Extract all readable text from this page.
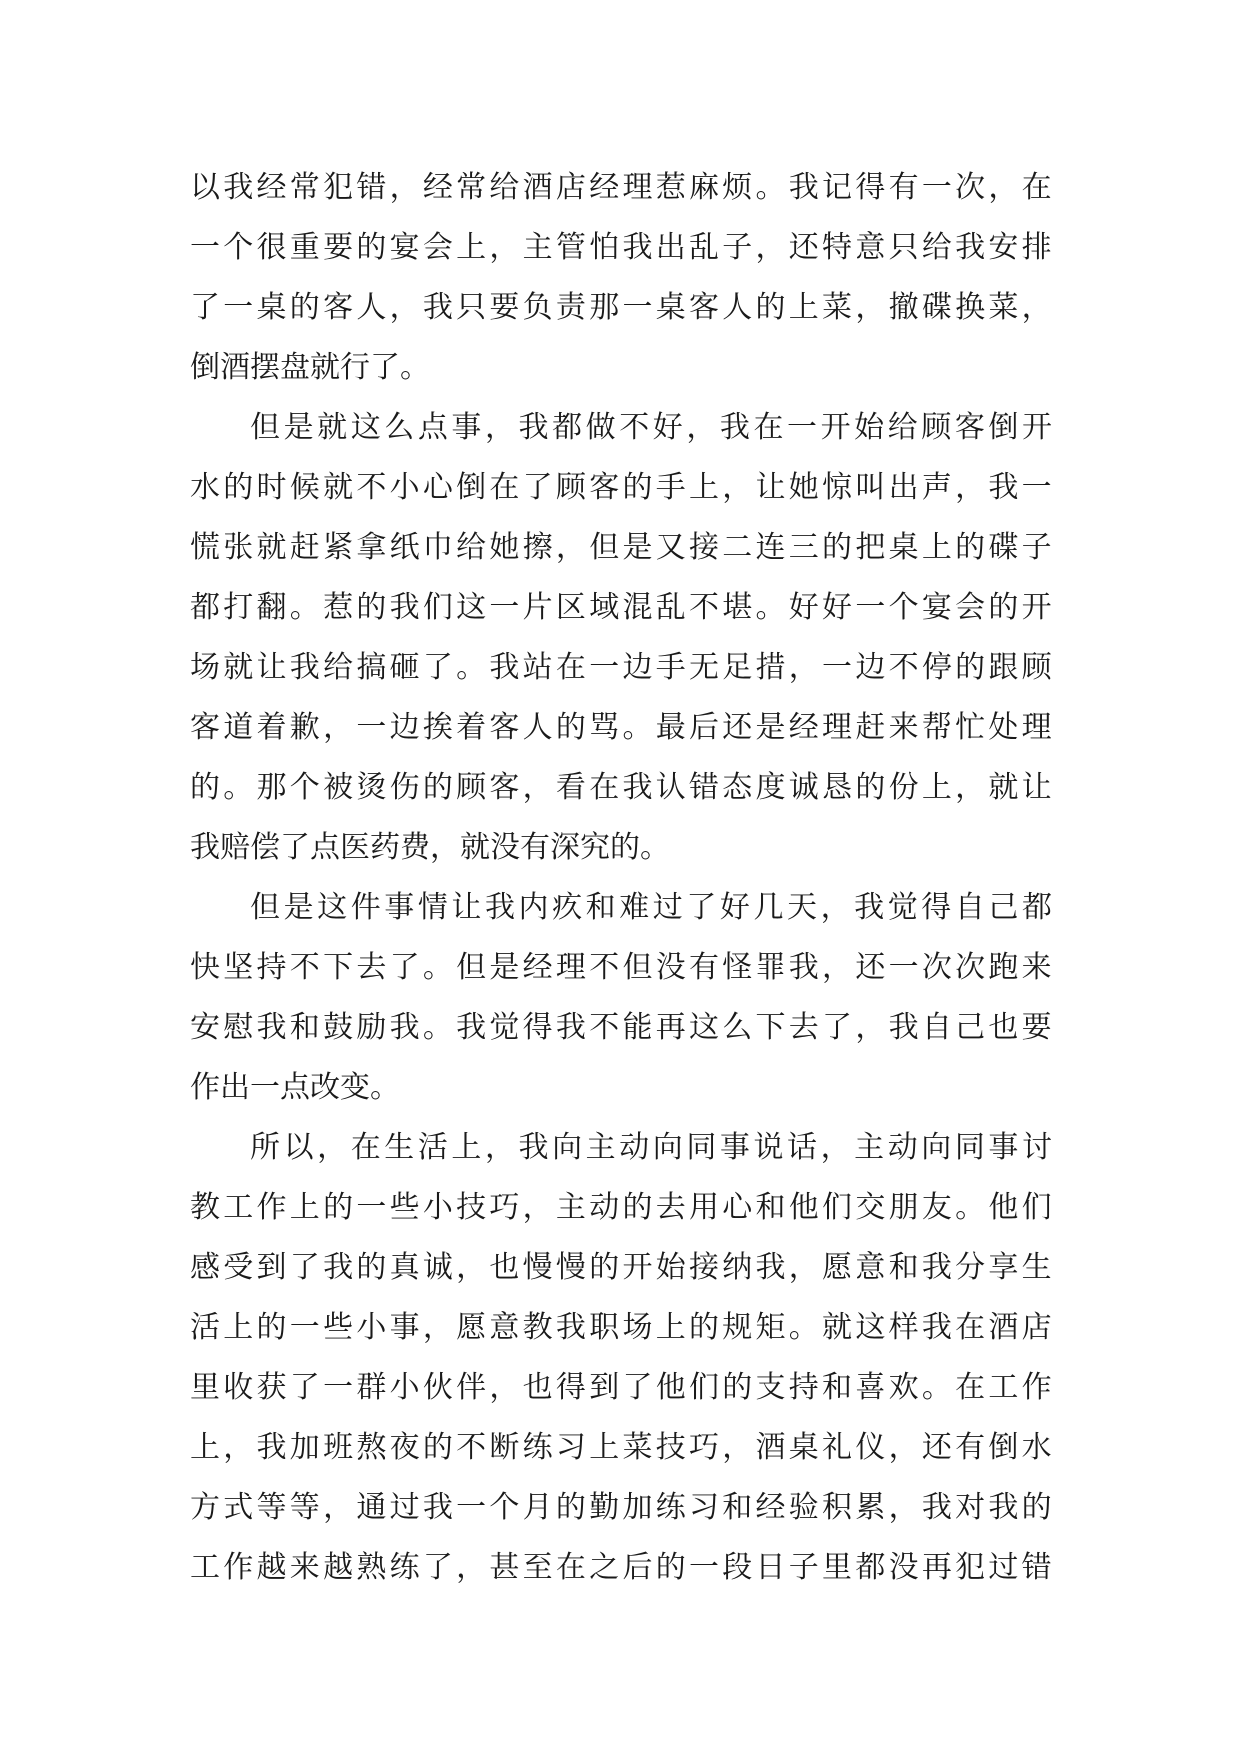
以 我 经 常 犯 错 ， 经 常 给 酒 店 经 理 惹 麻 烦 。 我 记 得 有 一 次 ， 在
一 个 很 重 要 的 宴 会 上 ， 主 管 怕 我 出 乱 子 ， 还 特 意 只 给 我 安 排
了 一 桌 的 客 人 ， 我 只 要 负 责 那 一 桌 客 人 的 上 菜 ， 撤 碟 换 菜 ，
倒酒摆盘就行了。
但 是 就 这 么 点 事 ， 我 都 做 不 好 ， 我 在 一 开 始 给 顾 客 倒 开
水 的 时 候 就 不 小 心 倒 在 了 顾 客 的 手 上 ， 让 她 惊 叫 出 声 ， 我 一
慌 张 就 赶 紧 拿 纸 巾 给 她 擦 ， 但 是 又 接 二 连 三 的 把 桌 上 的 碟 子
都 打 翻 。 惹 的 我 们 这 一 片 区 域 混 乱 不 堪 。 好 好 一 个 宴 会 的 开
场 就 让 我 给 搞 砸 了 。 我 站 在 一 边 手 无 足 措 ， 一 边 不 停 的 跟 顾
客 道 着 歉 ， 一 边 挨 着 客 人 的 骂 。 最 后 还 是 经 理 赶 来 帮 忙 处 理
的 。 那 个 被 烫 伤 的 顾 客 ， 看 在 我 认 错 态 度 诚 恳 的 份 上 ， 就 让
我赔偿了点医药费，就没有深究的。
但 是 这 件 事 情 让 我 内 疚 和 难 过 了 好 几 天 ， 我 觉 得 自 己 都
快 坚 持 不 下 去 了 。 但 是 经 理 不 但 没 有 怪 罪 我 ， 还 一 次 次 跑 来
安 慰 我 和 鼓 励 我 。 我 觉 得 我 不 能 再 这 么 下 去 了 ， 我 自 己 也 要
作出一点改变。
所 以 ， 在 生 活 上 ， 我 向 主 动 向 同 事 说 话 ， 主 动 向 同 事 讨
教 工 作 上 的 一 些 小 技 巧 ， 主 动 的 去 用 心 和 他 们 交 朋 友 。 他 们
感 受 到 了 我 的 真 诚 ， 也 慢 慢 的 开 始 接 纳 我 ， 愿 意 和 我 分 享 生
活 上 的 一 些 小 事 ， 愿 意 教 我 职 场 上 的 规 矩 。 就 这 样 我 在 酒 店
里 收 获 了 一 群 小 伙 伴 ， 也 得 到 了 他 们 的 支 持 和 喜 欢 。 在 工 作
上 ， 我 加 班 熬 夜 的 不 断 练 习 上 菜 技 巧 ， 酒 桌 礼 仪 ， 还 有 倒 水
方 式 等 等 ， 通 过 我 一 个 月 的 勤 加 练 习 和 经 验 积 累 ， 我 对 我 的
工 作 越 来 越 熟 练 了 ， 甚 至 在 之 后 的 一 段 日 子 里 都 没 再 犯 过 错
